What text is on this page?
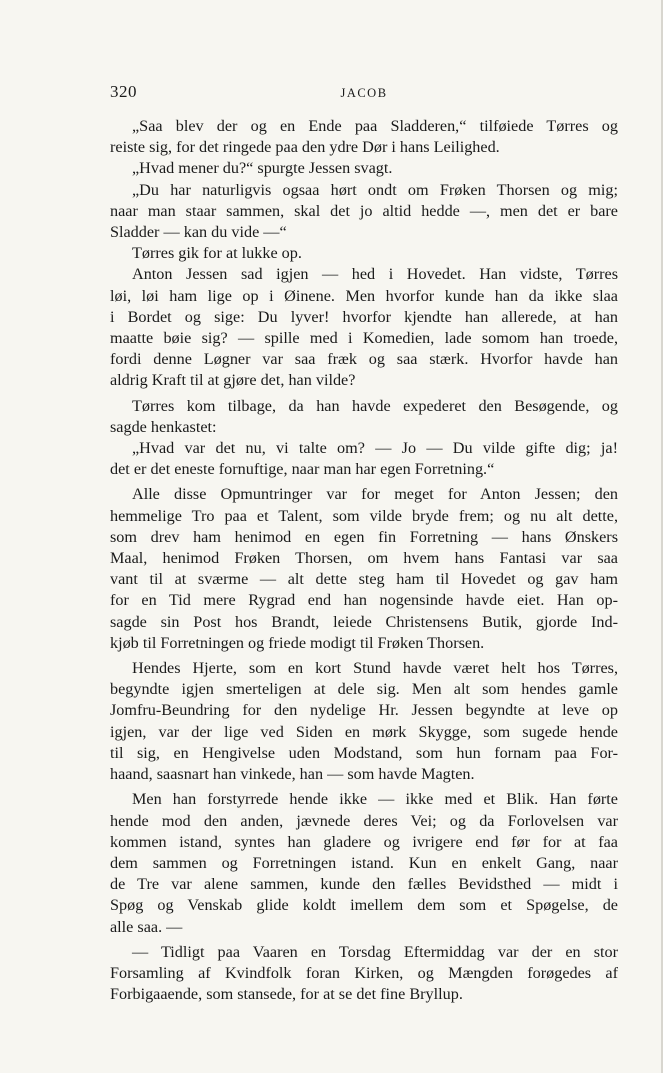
320	JACOB

„Saa blev der og en Ende paa Sladderen,“ tilføiede Tørres og
reiste sig, for det ringede paa den ydre Dør i hans Leilighed.

„Hvad mener du?“ spurgte Jessen svagt.

„Du har naturligvis ogsaa hørt ondt om Frøken Thorsen og mig;
naar man staar sammen, skal det jo altid hedde —, men det er bare
Sladder — kan du vide —“

Tørres gik for at lukke op.

Anton Jessen sad igjen — hed i Hovedet. Han vidste, Tørres
løi, løi ham lige op i Øinene. Men hvorfor kunde han da ikke slaa
i Bordet og sige: Du lyver! hvorfor kjendte han allerede, at han
maatte bøie sig? — spille med i Komedien, lade somom han troede,
fordi denne Løgner var saa fræk og saa stærk. Hvorfor havde han
aldrig Kraft til at gjøre det, han vilde?

Tørres kom tilbage, da han havde expederet den Besøgende, og
sagde henkastet:

„Hvad var det nu, vi talte om? — Jo — Du vilde gifte dig; ja!
det er det eneste fornuftige, naar man har egen Forretning.“

Alle disse Opmuntringer var for meget for Anton Jessen; den
hemmelige Tro paa et Talent, som vilde bryde frem; og nu alt dette,
som drev ham henimod en egen fin Forretning — hans Ønskers
Maal, henimod Frøken Thorsen, om hvem hans Fantasi var saa
vant til at sværme — alt dette steg ham til Hovedet og gav ham
for en Tid mere Rygrad end han nogensinde havde eiet. Han op-
sagde sin Post hos Brandt, leiede Christensens Butik, gjorde Ind-
kjøb til Forretningen og friede modigt til Frøken Thorsen.

Hendes Hjerte, som en kort Stund havde været helt hos Tørres,
begyndte igjen smerteligen at dele sig. Men alt som hendes gamle
Jomfru-Beundring for den nydelige Hr. Jessen begyndte at leve op
igjen, var der lige ved Siden en mørk Skygge, som sugede hende
til sig, en Hengivelse uden Modstand, som hun fornam paa For-
haand, saasnart han vinkede, han — som havde Magten.

Men han forstyrrede hende ikke — ikke med et Blik. Han førte
hende mod den anden, jævnede deres Vei; og da Forlovelsen var
kommen istand, syntes han gladere og ivrigere end før for at faa
dem sammen og Forretningen istand. Kun en enkelt Gang, naar
de Tre var alene sammen, kunde den fælles Bevidsthed — midt i
Spøg og Venskab glide koldt imellem dem som et Spøgelse, de
alle saa. —

— Tidligt paa Vaaren en Torsdag Eftermiddag var der en stor
Forsamling af Kvindfolk foran Kirken, og Mængden forøgedes af
Forbigaaende, som stansede, for at se det fine Bryllup.
